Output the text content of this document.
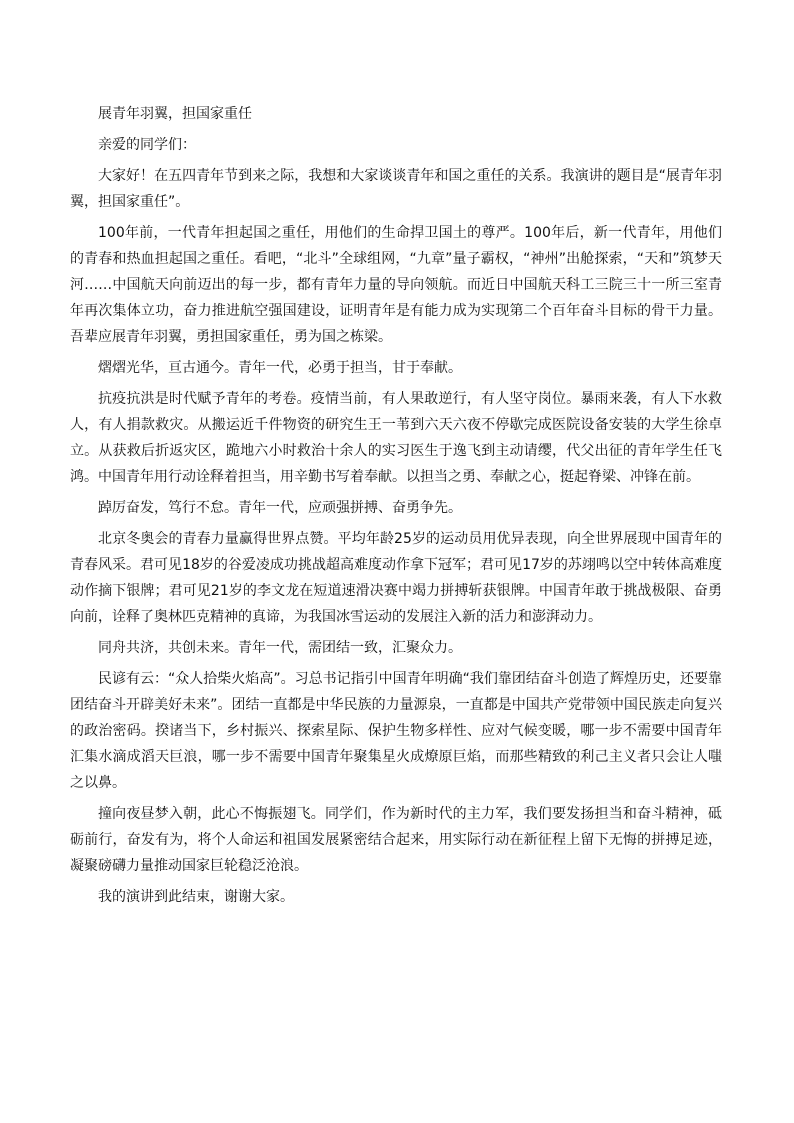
展青年羽翼，担国家重任

亲爱的同学们：

大家好！在五四青年节到来之际，我想和大家谈谈青年和国之重任的关系。我演讲的题目是“展青年羽翼，担国家重任”。

100年前，一代青年担起国之重任，用他们的生命捍卫国土的尊严。100年后，新一代青年，用他们的青春和热血担起国之重任。看吧，“北斗”全球组网，“九章”量子霸权，“神州”出舱探索，“天和”筑梦天河……中国航天向前迈出的每一步，都有青年力量的导向领航。而近日中国航天科工三院三十一所三室青年再次集体立功，奋力推进航空强国建设，证明青年是有能力成为实现第二个百年奋斗目标的骨干力量。吾辈应展青年羽翼，勇担国家重任，勇为国之栋梁。

熠熠光华，亘古通今。青年一代，必勇于担当，甘于奉献。

抗疫抗洪是时代赋予青年的考卷。疫情当前，有人果敢逆行，有人坚守岗位。暴雨来袭，有人下水救人，有人捐款救灾。从搬运近千件物资的研究生王一苇到六天六夜不停歇完成医院设备安装的大学生徐卓立。从获救后折返灾区，跪地六小时救治十余人的实习医生于逸飞到主动请缨，代父出征的青年学生任飞鸿。中国青年用行动诠释着担当，用辛勤书写着奉献。以担当之勇、奉献之心，挺起脊梁、冲锋在前。

踔厉奋发，笃行不怠。青年一代，应顽强拼搏、奋勇争先。

北京冬奥会的青春力量赢得世界点赞。平均年龄25岁的运动员用优异表现，向全世界展现中国青年的青春风采。君可见18岁的谷爱凌成功挑战超高难度动作拿下冠军；君可见17岁的苏翊鸣以空中转体高难度动作摘下银牌；君可见21岁的李文龙在短道速滑决赛中竭力拼搏斩获银牌。中国青年敢于挑战极限、奋勇向前，诠释了奥林匹克精神的真谛，为我国冰雪运动的发展注入新的活力和澎湃动力。

同舟共济，共创未来。青年一代，需团结一致，汇聚众力。

民谚有云：“众人拾柴火焰高”。习总书记指引中国青年明确“我们靠团结奋斗创造了辉煌历史，还要靠团结奋斗开辟美好未来”。团结一直都是中华民族的力量源泉，一直都是中国共产党带领中国民族走向复兴的政治密码。揆诸当下，乡村振兴、探索星际、保护生物多样性、应对气候变暖，哪一步不需要中国青年汇集水滴成滔天巨浪，哪一步不需要中国青年聚集星火成燎原巨焰，而那些精致的利己主义者只会让人嗤之以鼻。

撞向夜昼梦入朝，此心不悔振翅飞。同学们，作为新时代的主力军，我们要发扬担当和奋斗精神，砥砺前行，奋发有为，将个人命运和祖国发展紧密结合起来，用实际行动在新征程上留下无悔的拼搏足迹，凝聚磅礴力量推动国家巨轮稳泛沧浪。

我的演讲到此结束，谢谢大家。
